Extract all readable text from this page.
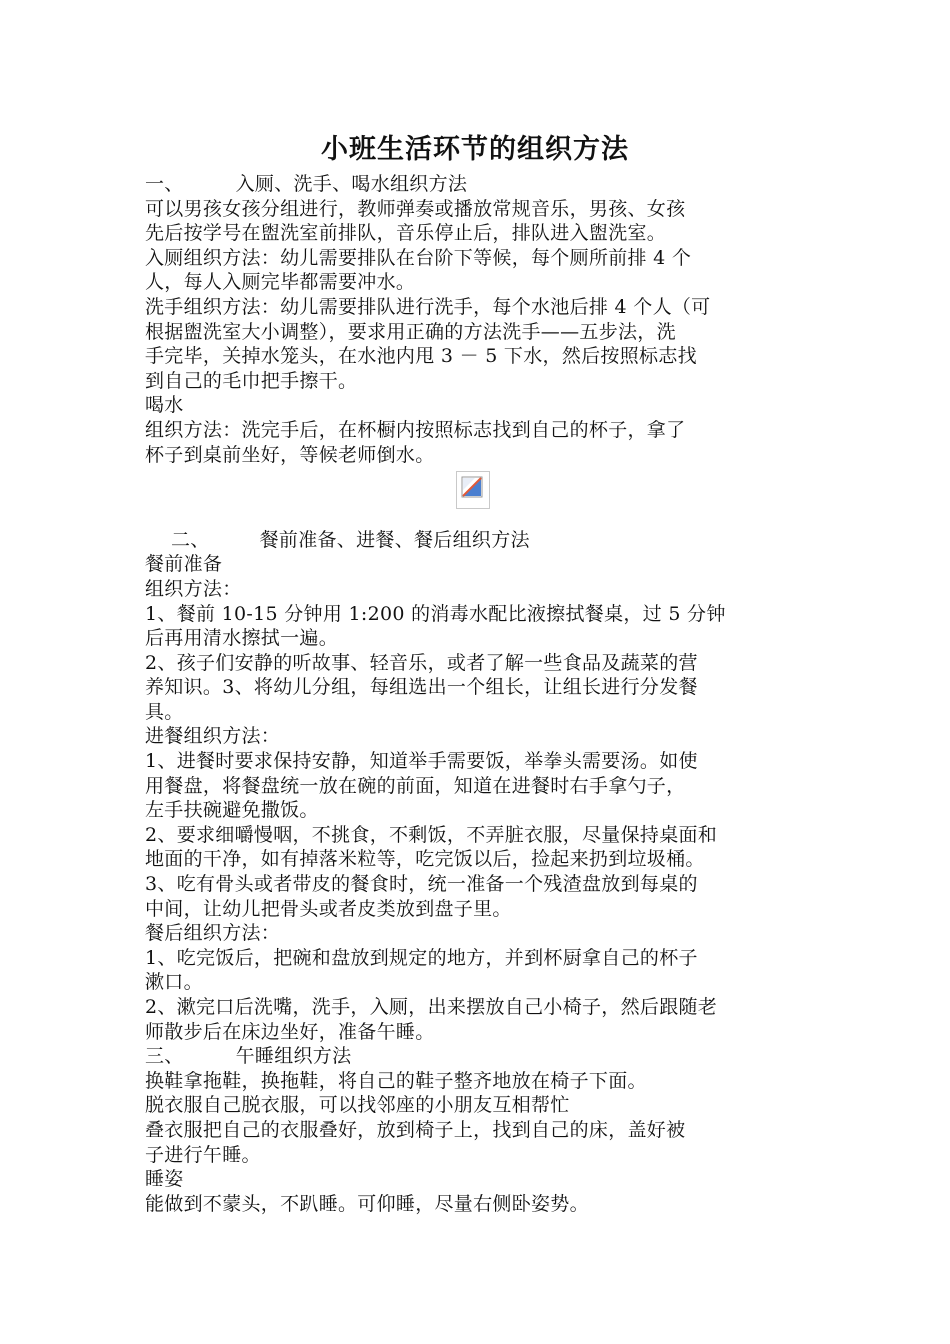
小班生活环节的组织方法
一、	入厕、洗手、喝水组织方法
可以男孩女孩分组进行，教师弹奏或播放常规音乐，男孩、女孩
先后按学号在盥洗室前排队，音乐停止后，排队进入盥洗室。
入厕组织方法：幼儿需要排队在台阶下等候，每个厕所前排 4 个
人，每人入厕完毕都需要冲水。
洗手组织方法：幼儿需要排队进行洗手，每个水池后排 4 个人（可
根据盥洗室大小调整），要求用正确的方法洗手——五步法，洗
手完毕，关掉水笼头，在水池内甩 3 － 5 下水，然后按照标志找
到自己的毛巾把手擦干。
喝水
组织方法：洗完手后，在杯橱内按照标志找到自己的杯子，拿了
杯子到桌前坐好，等候老师倒水。
二、	餐前准备、进餐、餐后组织方法
餐前准备
组织方法：
1、餐前 10-15 分钟用 1:200 的消毒水配比液擦拭餐桌，过 5 分钟
后再用清水擦拭一遍。
2、孩子们安静的听故事、轻音乐，或者了解一些食品及蔬菜的营
养知识。3、将幼儿分组，每组选出一个组长，让组长进行分发餐
具。
进餐组织方法：
1、进餐时要求保持安静，知道举手需要饭，举拳头需要汤。如使
用餐盘，将餐盘统一放在碗的前面，知道在进餐时右手拿勺子，
左手扶碗避免撒饭。
2、要求细嚼慢咽，不挑食，不剩饭，不弄脏衣服，尽量保持桌面和
地面的干净，如有掉落米粒等，吃完饭以后，捡起来扔到垃圾桶。
3、吃有骨头或者带皮的餐食时，统一准备一个残渣盘放到每桌的
中间，让幼儿把骨头或者皮类放到盘子里。
餐后组织方法：
1、吃完饭后，把碗和盘放到规定的地方，并到杯厨拿自己的杯子
漱口。
2、漱完口后洗嘴，洗手，入厕，出来摆放自己小椅子，然后跟随老
师散步后在床边坐好，准备午睡。
三、	午睡组织方法
换鞋拿拖鞋，换拖鞋，将自己的鞋子整齐地放在椅子下面。
脱衣服自己脱衣服，可以找邻座的小朋友互相帮忙
叠衣服把自己的衣服叠好，放到椅子上，找到自己的床，盖好被
子进行午睡。
睡姿
能做到不蒙头，不趴睡。可仰睡，尽量右侧卧姿势。
